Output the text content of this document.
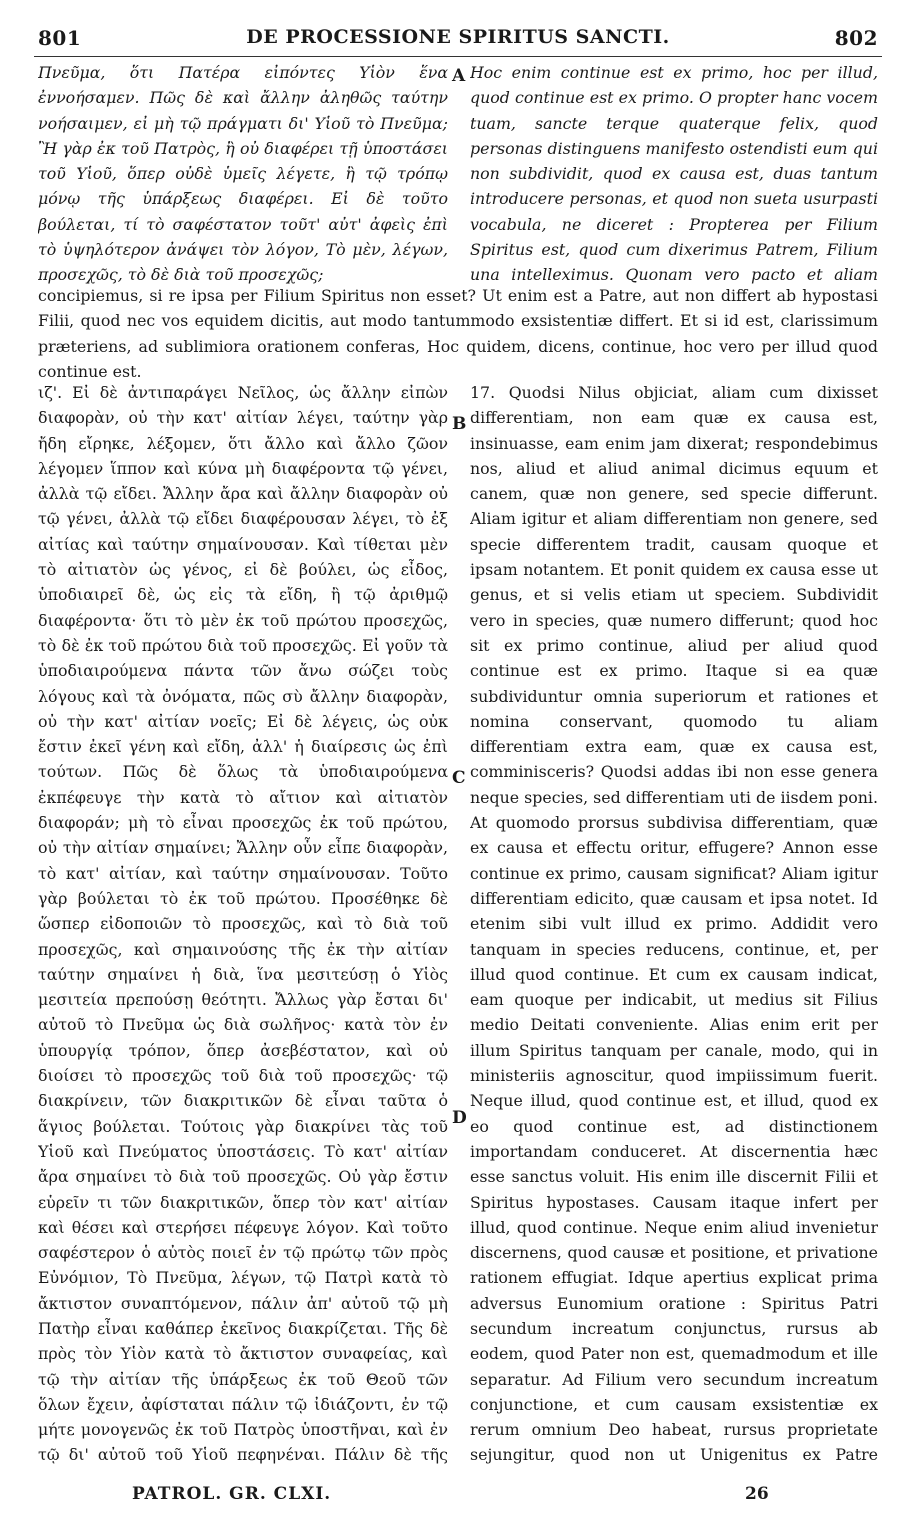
801	DE PROCESSIONE SPIRITUS SANCTI.	802

Πνεῦμα, ὅτι Πατέρα εἰπόντες Υἱὸν ἕνα ἐννοήσαμεν. Πῶς δὲ καὶ ἄλλην ἀληθῶς ταύτην νοήσαιμεν, εἰ μὴ τῷ πράγματι δι' Υἱοῦ τὸ Πνεῦμα; Ἢ γὰρ ἐκ τοῦ Πατρὸς, ἢ οὐ διαφέρει τῇ ὑποστάσει τοῦ Υἱοῦ, ὅπερ οὐδὲ ὑμεῖς λέγετε, ἢ τῷ τρόπῳ μόνῳ τῆς ὑπάρξεως διαφέρει. Εἰ δὲ τοῦτο βούλεται, τί τὸ σαφέστατον τοῦτ' αὐτ' ἀφεὶς ἐπὶ τὸ ὑψηλότερον ἀνάψει τὸν λόγον, Τὸ μὲν, λέγων, προσεχῶς, τὸ δὲ διὰ τοῦ προσεχῶς;

Hoc enim continue est ex primo, hoc per illud, quod continue est ex primo. O propter hanc vocem tuam, sancte terque quaterque felix, quod personas distinguens manifesto ostendisti eum qui non subdividit, quod ex causa est, duas tantum introducere personas, et quod non sueta usurpasti vocabula, ne diceret : Propterea per Filium Spiritus est, quod cum dixerimus Patrem, Filium una intelleximus. Quonam vero pacto et aliam

concipiemus, si re ipsa per Filium Spiritus non esset? Ut enim est a Patre, aut non differt ab hypostasi Filii, quod nec vos equidem dicitis, aut modo tantummodo exsistentiæ differt. Et si id est, clarissimum præteriens, ad sublimiora orationem conferas, Hoc quidem, dicens, continue, hoc vero per illud quod continue est.

ιζ'. Εἰ δὲ ἀντιπαράγει Νεῖλος, ὡς ἄλλην εἰπὼν διαφορὰν, οὐ τὴν κατ' αἰτίαν λέγει, ταύτην γὰρ ἤδη εἴρηκε, λέξομεν, ὅτι ἄλλο καὶ ἄλλο ζῶον λέγομεν ἵππον καὶ κύνα μὴ διαφέροντα τῷ γένει, ἀλλὰ τῷ εἴδει. Ἄλλην ἄρα καὶ ἄλλην διαφορὰν οὐ τῷ γένει, ἀλλὰ τῷ εἴδει διαφέρουσαν λέγει, τὸ ἐξ αἰτίας καὶ ταύτην σημαίνουσαν. Καὶ τίθεται μὲν τὸ αἰτιατὸν ὡς γένος, εἰ δὲ βούλει, ὡς εἶδος, ὑποδιαιρεῖ δὲ, ὡς εἰς τὰ εἴδη, ἢ τῷ ἀριθμῷ διαφέροντα· ὅτι τὸ μὲν ἐκ τοῦ πρώτου προσεχῶς, τὸ δὲ ἐκ τοῦ πρώτου διὰ τοῦ προσεχῶς. Εἰ γοῦν τὰ ὑποδιαιρούμενα πάντα τῶν ἄνω σώζει τοὺς λόγους καὶ τὰ ὀνόματα, πῶς σὺ ἄλλην διαφορὰν, οὐ τὴν κατ' αἰτίαν νοεῖς; Εἰ δὲ λέγεις, ὡς οὐκ ἔστιν ἐκεῖ γένη καὶ εἴδη, ἀλλ' ἡ διαίρεσις ὡς ἐπὶ τούτων. Πῶς δὲ ὅλως τὰ ὑποδιαιρούμενα ἐκπέφευγε τὴν κατὰ τὸ αἴτιον καὶ αἰτιατὸν διαφοράν; μὴ τὸ εἶναι προσεχῶς ἐκ τοῦ πρώτου, οὐ τὴν αἰτίαν σημαίνει; Ἄλλην οὖν εἶπε διαφορὰν, τὸ κατ' αἰτίαν, καὶ ταύτην σημαίνουσαν. Τοῦτο γὰρ βούλεται τὸ ἐκ τοῦ πρώτου. Προσέθηκε δὲ ὥσπερ εἰδοποιῶν τὸ προσεχῶς, καὶ τὸ διὰ τοῦ προσεχῶς, καὶ σημαινούσης τῆς ἐκ τὴν αἰτίαν ταύτην σημαίνει ἡ διὰ, ἵνα μεσιτεύσῃ ὁ Υἱὸς μεσιτεία πρεπούσῃ θεότητι. Ἄλλως γὰρ ἔσται δι' αὐτοῦ τὸ Πνεῦμα ὡς διὰ σωλῆνος· κατὰ τὸν ἐν ὑπουργίᾳ τρόπον, ὅπερ ἀσεβέστατον, καὶ οὐ διοίσει τὸ προσεχῶς τοῦ διὰ τοῦ προσεχῶς· τῷ διακρίνειν, τῶν διακριτικῶν δὲ εἶναι ταῦτα ὁ ἅγιος βούλεται. Τούτοις γὰρ διακρίνει τὰς τοῦ Υἱοῦ καὶ Πνεύματος ὑποστάσεις. Τὸ κατ' αἰτίαν ἄρα σημαίνει τὸ διὰ τοῦ προσεχῶς. Οὐ γὰρ ἔστιν εὑρεῖν τι τῶν διακριτικῶν, ὅπερ τὸν κατ' αἰτίαν καὶ θέσει καὶ στερήσει πέφευγε λόγον. Καὶ τοῦτο σαφέστερον ὁ αὐτὸς ποιεῖ ἐν τῷ πρώτῳ τῶν πρὸς Εὐνόμιον, Τὸ Πνεῦμα, λέγων, τῷ Πατρὶ κατὰ τὸ ἄκτιστον συναπτόμενον, πάλιν ἀπ' αὐτοῦ τῷ μὴ Πατὴρ εἶναι καθάπερ ἐκεῖνος διακρίζεται. Τῆς δὲ πρὸς τὸν Υἱὸν κατὰ τὸ ἄκτιστον συναφείας, καὶ τῷ τὴν αἰτίαν τῆς ὑπάρξεως ἐκ τοῦ Θεοῦ τῶν ὅλων ἔχειν, ἀφίσταται πάλιν τῷ ἰδιάζοντι, ἐν τῷ μήτε μονογενῶς ἐκ τοῦ Πατρὸς ὑποστῆναι, καὶ ἐν τῷ δι' αὐτοῦ τοῦ Υἱοῦ πεφηνέναι. Πάλιν δὲ τῆς

17. Quodsi Nilus objiciat, aliam cum dixisset differentiam, non eam quæ ex causa est, insinuasse, eam enim jam dixerat; respondebimus nos, aliud et aliud animal dicimus equum et canem, quæ non genere, sed specie differunt. Aliam igitur et aliam differentiam non genere, sed specie differentem tradit, causam quoque et ipsam notantem. Et ponit quidem ex causa esse ut genus, et si velis etiam ut speciem. Subdividit vero in species, quæ numero differunt; quod hoc sit ex primo continue, aliud per aliud quod continue est ex primo. Itaque si ea quæ subdividuntur omnia superiorum et rationes et nomina conservant, quomodo tu aliam differentiam extra eam, quæ ex causa est, comminisceris? Quodsi addas ibi non esse genera neque species, sed differentiam uti de iisdem poni. At quomodo prorsus subdivisa differentiam, quæ ex causa et effectu oritur, effugere? Annon esse continue ex primo, causam significat? Aliam igitur differentiam edicito, quæ causam et ipsa notet. Id etenim sibi vult illud ex primo. Addidit vero tanquam in species reducens, continue, et, per illud quod continue. Et cum ex causam indicat, eam quoque per indicabit, ut medius sit Filius medio Deitati conveniente. Alias enim erit per illum Spiritus tanquam per canale, modo, qui in ministeriis agnoscitur, quod impiissimum fuerit. Neque illud, quod continue est, et illud, quod ex eo quod continue est, ad distinctionem importandam conduceret. At discernentia hæc esse sanctus voluit. His enim ille discernit Filii et Spiritus hypostases. Causam itaque infert per illud, quod continue. Neque enim aliud invenietur discernens, quod causæ et positione, et privatione rationem effugiat. Idque apertius explicat prima adversus Eunomium oratione : Spiritus Patri secundum increatum conjunctus, rursus ab eodem, quod Pater non est, quemadmodum et ille separatur. Ad Filium vero secundum increatum conjunctione, et cum causam exsistentiæ ex rerum omnium Deo habeat, rursus proprietate sejungitur, quod non ut Unigenitus ex Patre

A
B
C
D
PATROL. GR. CLXI.	26
